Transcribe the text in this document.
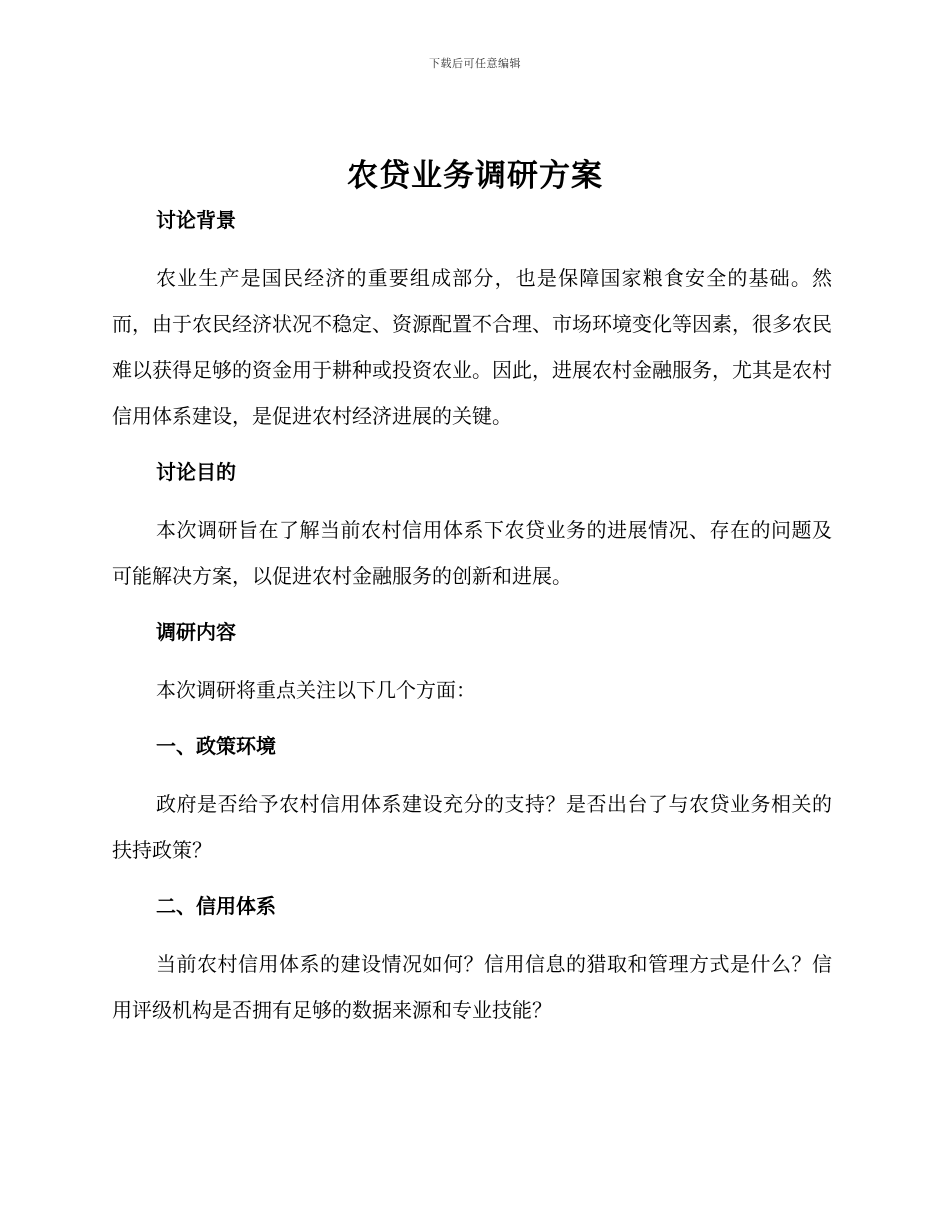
下载后可任意编辑
农贷业务调研方案

讨论背景

农业生产是国民经济的重要组成部分，也是保障国家粮食安全的基础。然而，由于农民经济状况不稳定、资源配置不合理、市场环境变化等因素，很多农民难以获得足够的资金用于耕种或投资农业。因此，进展农村金融服务，尤其是农村信用体系建设，是促进农村经济进展的关键。

讨论目的

本次调研旨在了解当前农村信用体系下农贷业务的进展情况、存在的问题及可能解决方案，以促进农村金融服务的创新和进展。

调研内容

本次调研将重点关注以下几个方面：

一、政策环境

政府是否给予农村信用体系建设充分的支持？是否出台了与农贷业务相关的扶持政策？

二、信用体系

当前农村信用体系的建设情况如何？信用信息的猎取和管理方式是什么？信用评级机构是否拥有足够的数据来源和专业技能？
